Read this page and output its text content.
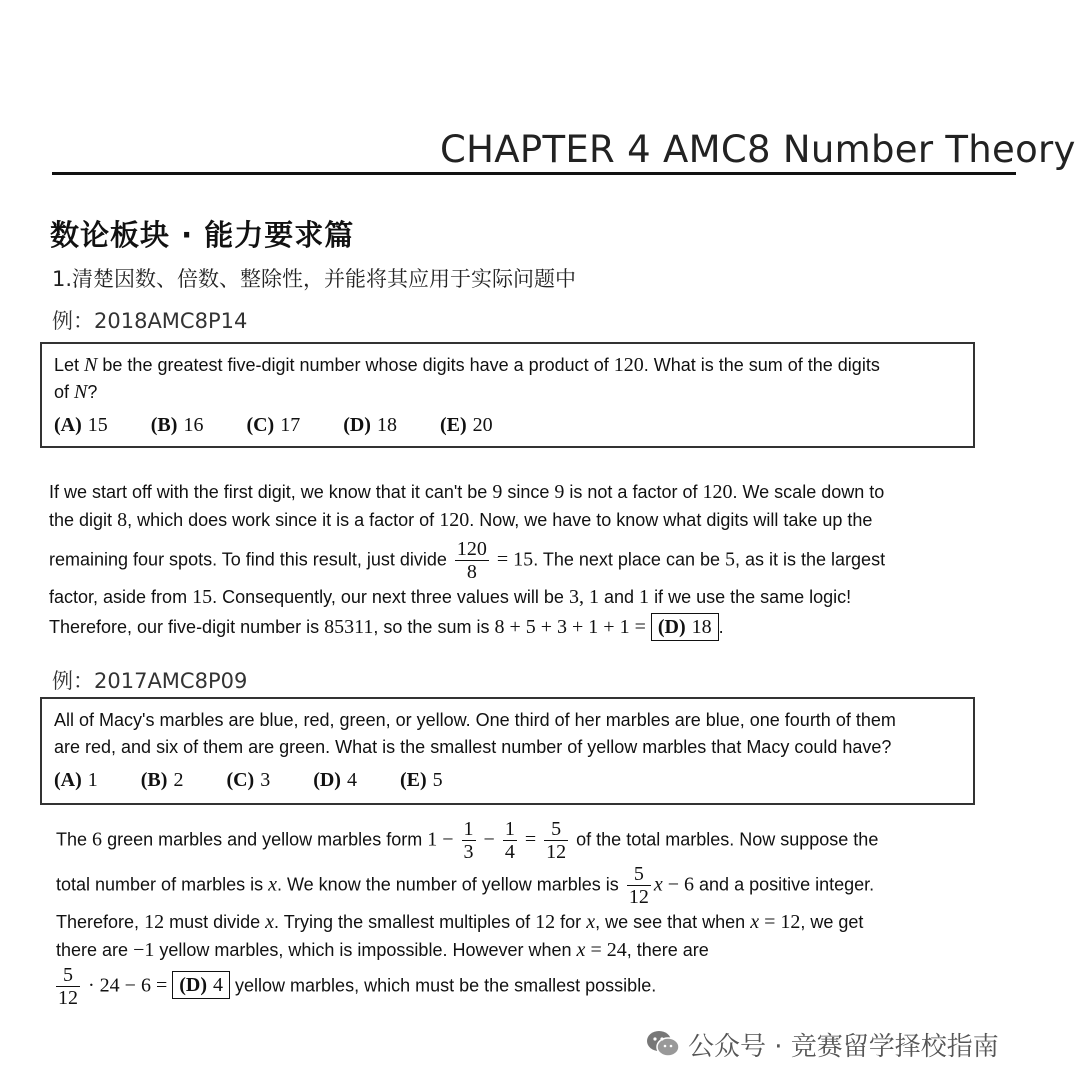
CHAPTER 4 AMC8 Number Theory
数论板块 · 能力要求篇
1.清楚因数、倍数、整除性，并能将其应用于实际问题中
例：2018AMC8P14
Let N be the greatest five-digit number whose digits have a product of 120. What is the sum of the digits
of N?
(A) 15 (B) 16 (C) 17 (D) 18 (E) 20
If we start off with the first digit, we know that it can't be 9 since 9 is not a factor of 120. We scale down to
the digit 8, which does work since it is a factor of 120. Now, we have to know what digits will take up the
remaining four spots. To find this result, just divide $\frac{120}{8} = 15$. The next place can be 5, as it is the largest
factor, aside from 15. Consequently, our next three values will be 3, 1 and 1 if we use the same logic!
Therefore, our five-digit number is 85311, so the sum is 8 + 5 + 3 + 1 + 1 = (D) 18 .
例：2017AMC8P09
All of Macy's marbles are blue, red, green, or yellow. One third of her marbles are blue, one fourth of them
are red, and six of them are green. What is the smallest number of yellow marbles that Macy could have?
(A) 1 (B) 2 (C) 3 (D) 4 (E) 5
The 6 green marbles and yellow marbles form $1 - \frac{1}{3} - \frac{1}{4} = \frac{5}{12}$ of the total marbles. Now suppose the
total number of marbles is x. We know the number of yellow marbles is $\frac{5}{12}$ x − 6 and a positive integer.
Therefore, 12 must divide x. Trying the smallest multiples of 12 for x, we see that when x = 12, we get
there are −1 yellow marbles, which is impossible. However when x = 24, there are
$\frac{5}{12} \cdot 24 - 6 = (D)$ 4 yellow marbles, which must be the smallest possible.
公众号 · 竞赛留学择校指南
